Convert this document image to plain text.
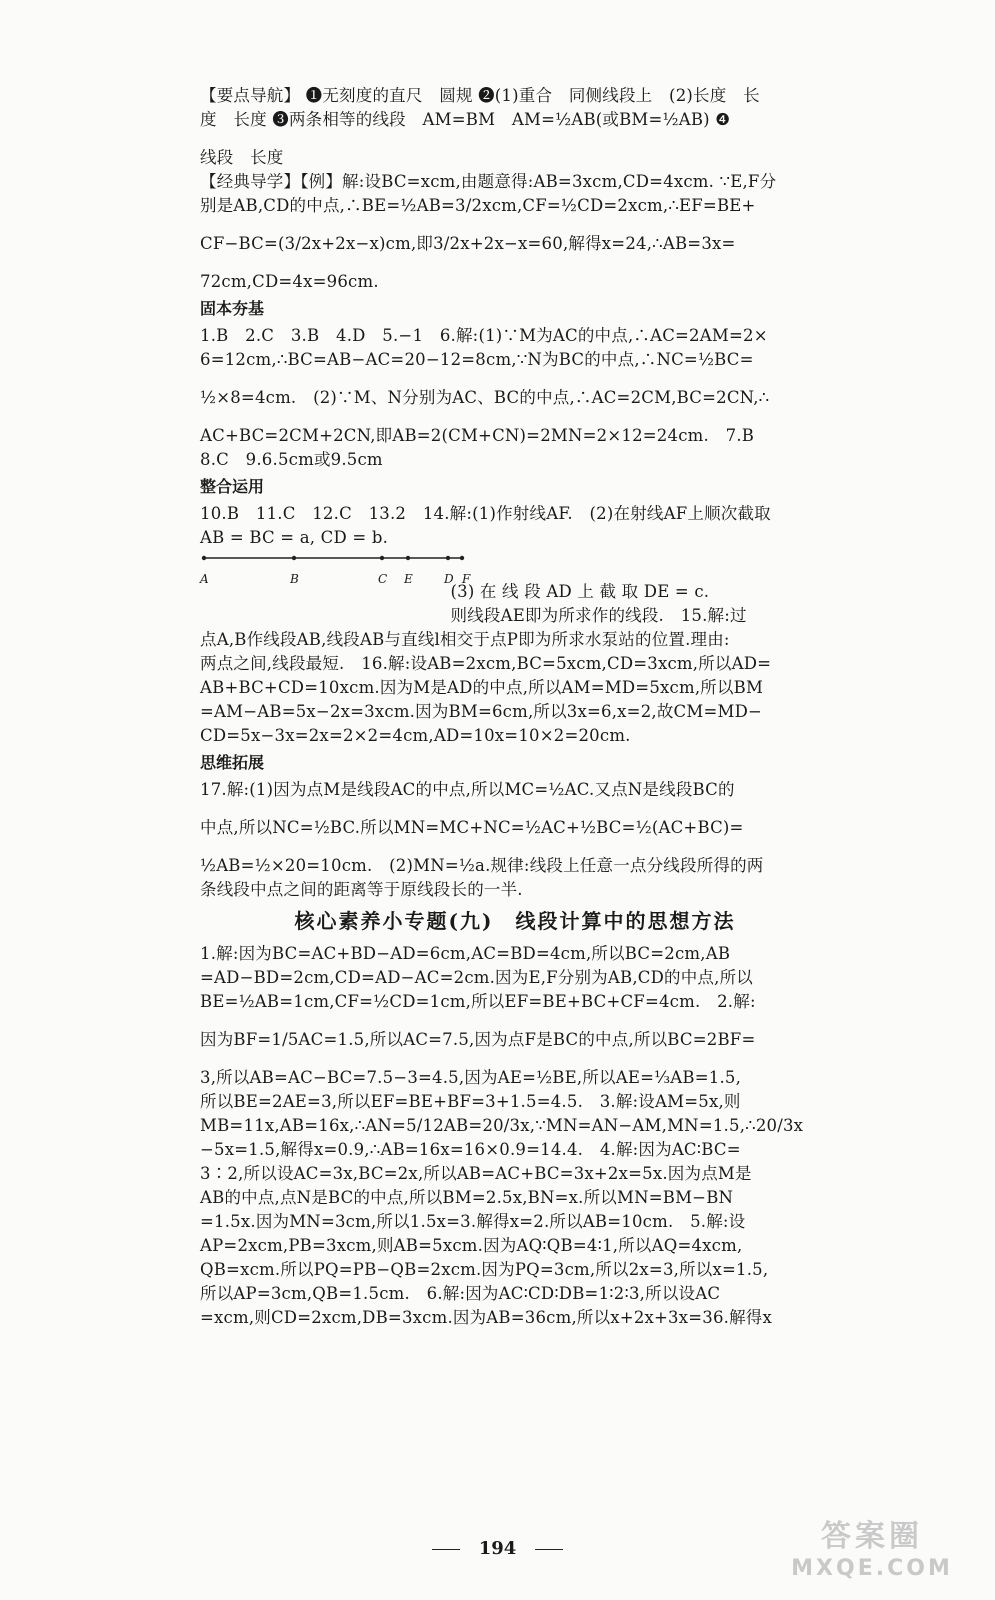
【要点导航】 ❶无刻度的直尺　圆规 ❷(1)重合　同侧线段上　(2)长度　长

度　长度 ❸两条相等的线段　AM=BM　AM=½AB(或BM=½AB) ❹

线段　长度

【经典导学】【例】解:设BC=xcm,由题意得:AB=3xcm,CD=4xcm. ∵E,F分

别是AB,CD的中点,∴BE=½AB=3/2xcm,CF=½CD=2xcm,∴EF=BE+

CF−BC=(3/2x+2x−x)cm,即3/2x+2x−x=60,解得x=24,∴AB=3x=

72cm,CD=4x=96cm.

固本夯基

1.B　2.C　3.B　4.D　5.−1　6.解:(1)∵M为AC的中点,∴AC=2AM=2×

6=12cm,∴BC=AB−AC=20−12=8cm,∵N为BC的中点,∴NC=½BC=

½×8=4cm.　(2)∵M、N分别为AC、BC的中点,∴AC=2CM,BC=2CN,∴

AC+BC=2CM+2CN,即AB=2(CM+CN)=2MN=2×12=24cm.　7.B

8.C　9.6.5cm或9.5cm

整合运用

10.B　11.C　12.C　13.2　14.解:(1)作射线AF.　(2)在射线AF上顺次截取

AB = BC = a, CD = b.

A	B	C E	D F

　　　　　　　　　　　　　　　(3) 在 线 段 AD 上 截 取 DE = c.

　　　　　　　　　　　　　　　则线段AE即为所求作的线段.　15.解:过

点A,B作线段AB,线段AB与直线l相交于点P即为所求水泵站的位置.理由:

两点之间,线段最短.　16.解:设AB=2xcm,BC=5xcm,CD=3xcm,所以AD=

AB+BC+CD=10xcm.因为M是AD的中点,所以AM=MD=5xcm,所以BM

=AM−AB=5x−2x=3xcm.因为BM=6cm,所以3x=6,x=2,故CM=MD−

CD=5x−3x=2x=2×2=4cm,AD=10x=10×2=20cm.

思维拓展

17.解:(1)因为点M是线段AC的中点,所以MC=½AC.又点N是线段BC的

中点,所以NC=½BC.所以MN=MC+NC=½AC+½BC=½(AC+BC)=

½AB=½×20=10cm.　(2)MN=½a.规律:线段上任意一点分线段所得的两

条线段中点之间的距离等于原线段长的一半.

核心素养小专题(九)　线段计算中的思想方法

1.解:因为BC=AC+BD−AD=6cm,AC=BD=4cm,所以BC=2cm,AB

=AD−BD=2cm,CD=AD−AC=2cm.因为E,F分别为AB,CD的中点,所以

BE=½AB=1cm,CF=½CD=1cm,所以EF=BE+BC+CF=4cm.　2.解:

因为BF=1/5AC=1.5,所以AC=7.5,因为点F是BC的中点,所以BC=2BF=

3,所以AB=AC−BC=7.5−3=4.5,因为AE=½BE,所以AE=⅓AB=1.5,

所以BE=2AE=3,所以EF=BE+BF=3+1.5=4.5.　3.解:设AM=5x,则

MB=11x,AB=16x,∴AN=5/12AB=20/3x,∵MN=AN−AM,MN=1.5,∴20/3x

−5x=1.5,解得x=0.9,∴AB=16x=16×0.9=14.4.　4.解:因为AC∶BC=

3∶2,所以设AC=3x,BC=2x,所以AB=AC+BC=3x+2x=5x.因为点M是

AB的中点,点N是BC的中点,所以BM=2.5x,BN=x.所以MN=BM−BN

=1.5x.因为MN=3cm,所以1.5x=3.解得x=2.所以AB=10cm.　5.解:设

AP=2xcm,PB=3xcm,则AB=5xcm.因为AQ∶QB=4∶1,所以AQ=4xcm,

QB=xcm.所以PQ=PB−QB=2xcm.因为PQ=3cm,所以2x=3,所以x=1.5,

所以AP=3cm,QB=1.5cm.　6.解:因为AC∶CD∶DB=1∶2∶3,所以设AC

=xcm,则CD=2xcm,DB=3xcm.因为AB=36cm,所以x+2x+3x=36.解得x

194	答案圈
MXQE.COM
